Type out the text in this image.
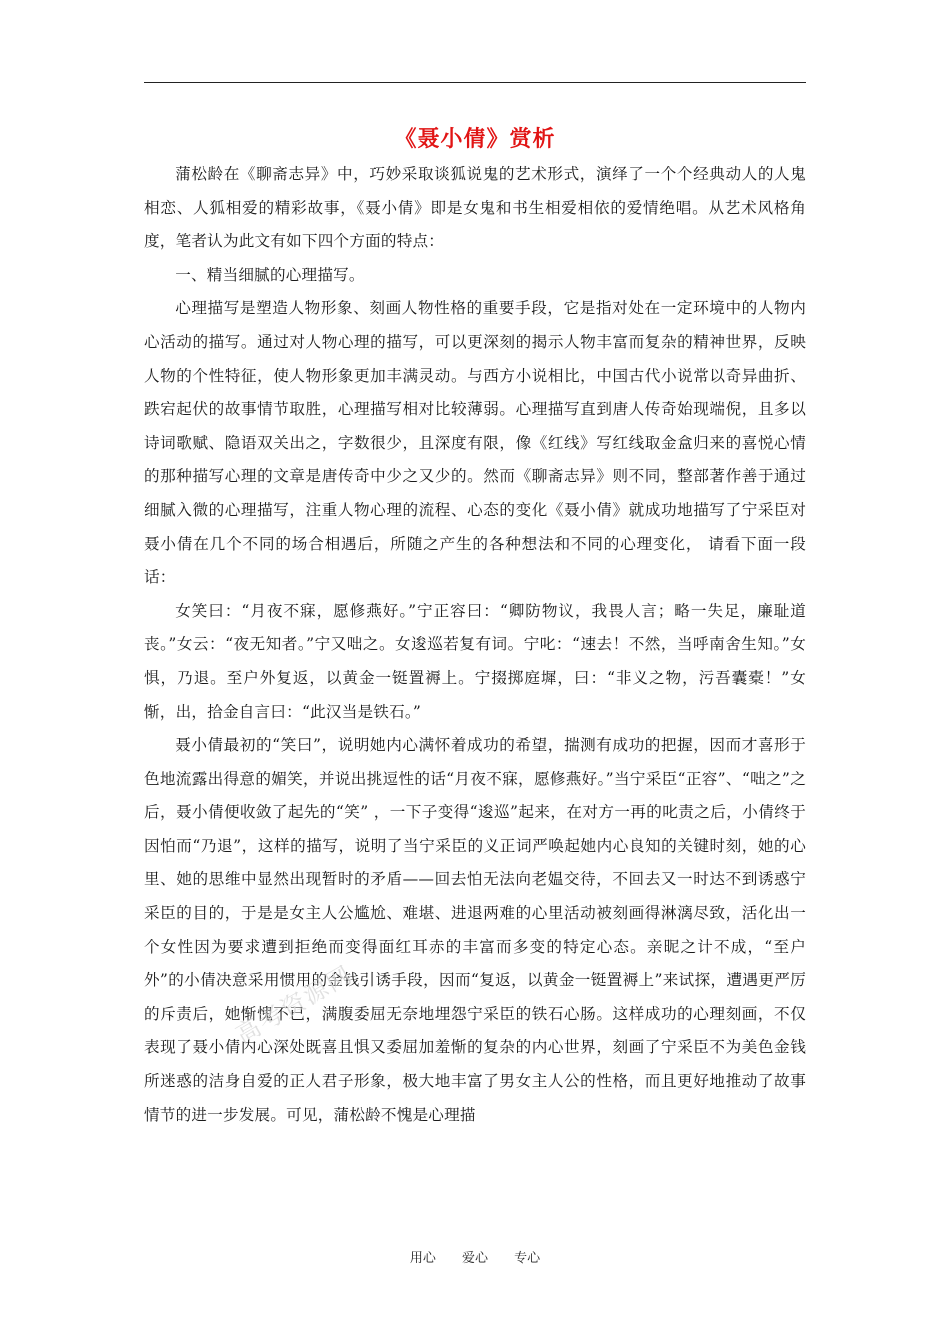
《聂小倩》赏析

蒲松龄在《聊斋志异》中，巧妙采取谈狐说鬼的艺术形式，演绎了一个个经典动人的人鬼相恋、人狐相爱的精彩故事，《聂小倩》即是女鬼和书生相爱相依的爱情绝唱。从艺术风格角度，笔者认为此文有如下四个方面的特点：

一、精当细腻的心理描写。

心理描写是塑造人物形象、刻画人物性格的重要手段，它是指对处在一定环境中的人物内心活动的描写。通过对人物心理的描写，可以更深刻的揭示人物丰富而复杂的精神世界，反映人物的个性特征，使人物形象更加丰满灵动。与西方小说相比，中国古代小说常以奇异曲折、跌宕起伏的故事情节取胜，心理描写相对比较薄弱。心理描写直到唐人传奇始现端倪，且多以诗词歌赋、隐语双关出之，字数很少，且深度有限，像《红线》写红线取金盒归来的喜悦心情的那种描写心理的文章是唐传奇中少之又少的。然而《聊斋志异》则不同，整部著作善于通过细腻入微的心理描写，注重人物心理的流程、心态的变化《聂小倩》就成功地描写了宁采臣对聂小倩在几个不同的场合相遇后，所随之产生的各种想法和不同的心理变化， 请看下面一段话：

女笑曰：“月夜不寐，愿修燕好。”宁正容曰：“卿防物议，我畏人言；略一失足，廉耻道丧。”女云：“夜无知者。”宁又咄之。女逡巡若复有词。宁叱：“速去！不然，当呼南舍生知。”女惧，乃退。至户外复返，以黄金一铤置褥上。宁掇掷庭墀，曰：“非义之物，污吾囊橐！”女惭，出，拾金自言曰：“此汉当是铁石。”

聂小倩最初的“笑曰”，说明她内心满怀着成功的希望，揣测有成功的把握，因而才喜形于色地流露出得意的媚笑，并说出挑逗性的话“月夜不寐，愿修燕好。”当宁采臣“正容”、“咄之”之后，聂小倩便收敛了起先的“笑” ，一下子变得“逡巡”起来，在对方一再的叱责之后，小倩终于因怕而“乃退”，这样的描写，说明了当宁采臣的义正词严唤起她内心良知的关键时刻，她的心里、她的思维中显然出现暂时的矛盾——回去怕无法向老媪交待，不回去又一时达不到诱惑宁采臣的目的，于是是女主人公尴尬、难堪、进退两难的心里活动被刻画得淋漓尽致，活化出一个女性因为要求遭到拒绝而变得面红耳赤的丰富而多变的特定心态。亲昵之计不成，“至户外”的小倩决意采用惯用的金钱引诱手段，因而“复返，以黄金一铤置褥上”来试探，遭遇更严厉的斥责后，她惭愧不已，满腹委屈无奈地埋怨宁采臣的铁石心肠。这样成功的心理刻画，不仅表现了聂小倩内心深处既喜且惧又委屈加羞惭的复杂的内心世界，刻画了宁采臣不为美色金钱所迷惑的洁身自爱的正人君子形象，极大地丰富了男女主人公的性格，而且更好地推动了故事情节的进一步发展。可见，蒲松龄不愧是心理描

高考资源网
用心 爱心 专心
